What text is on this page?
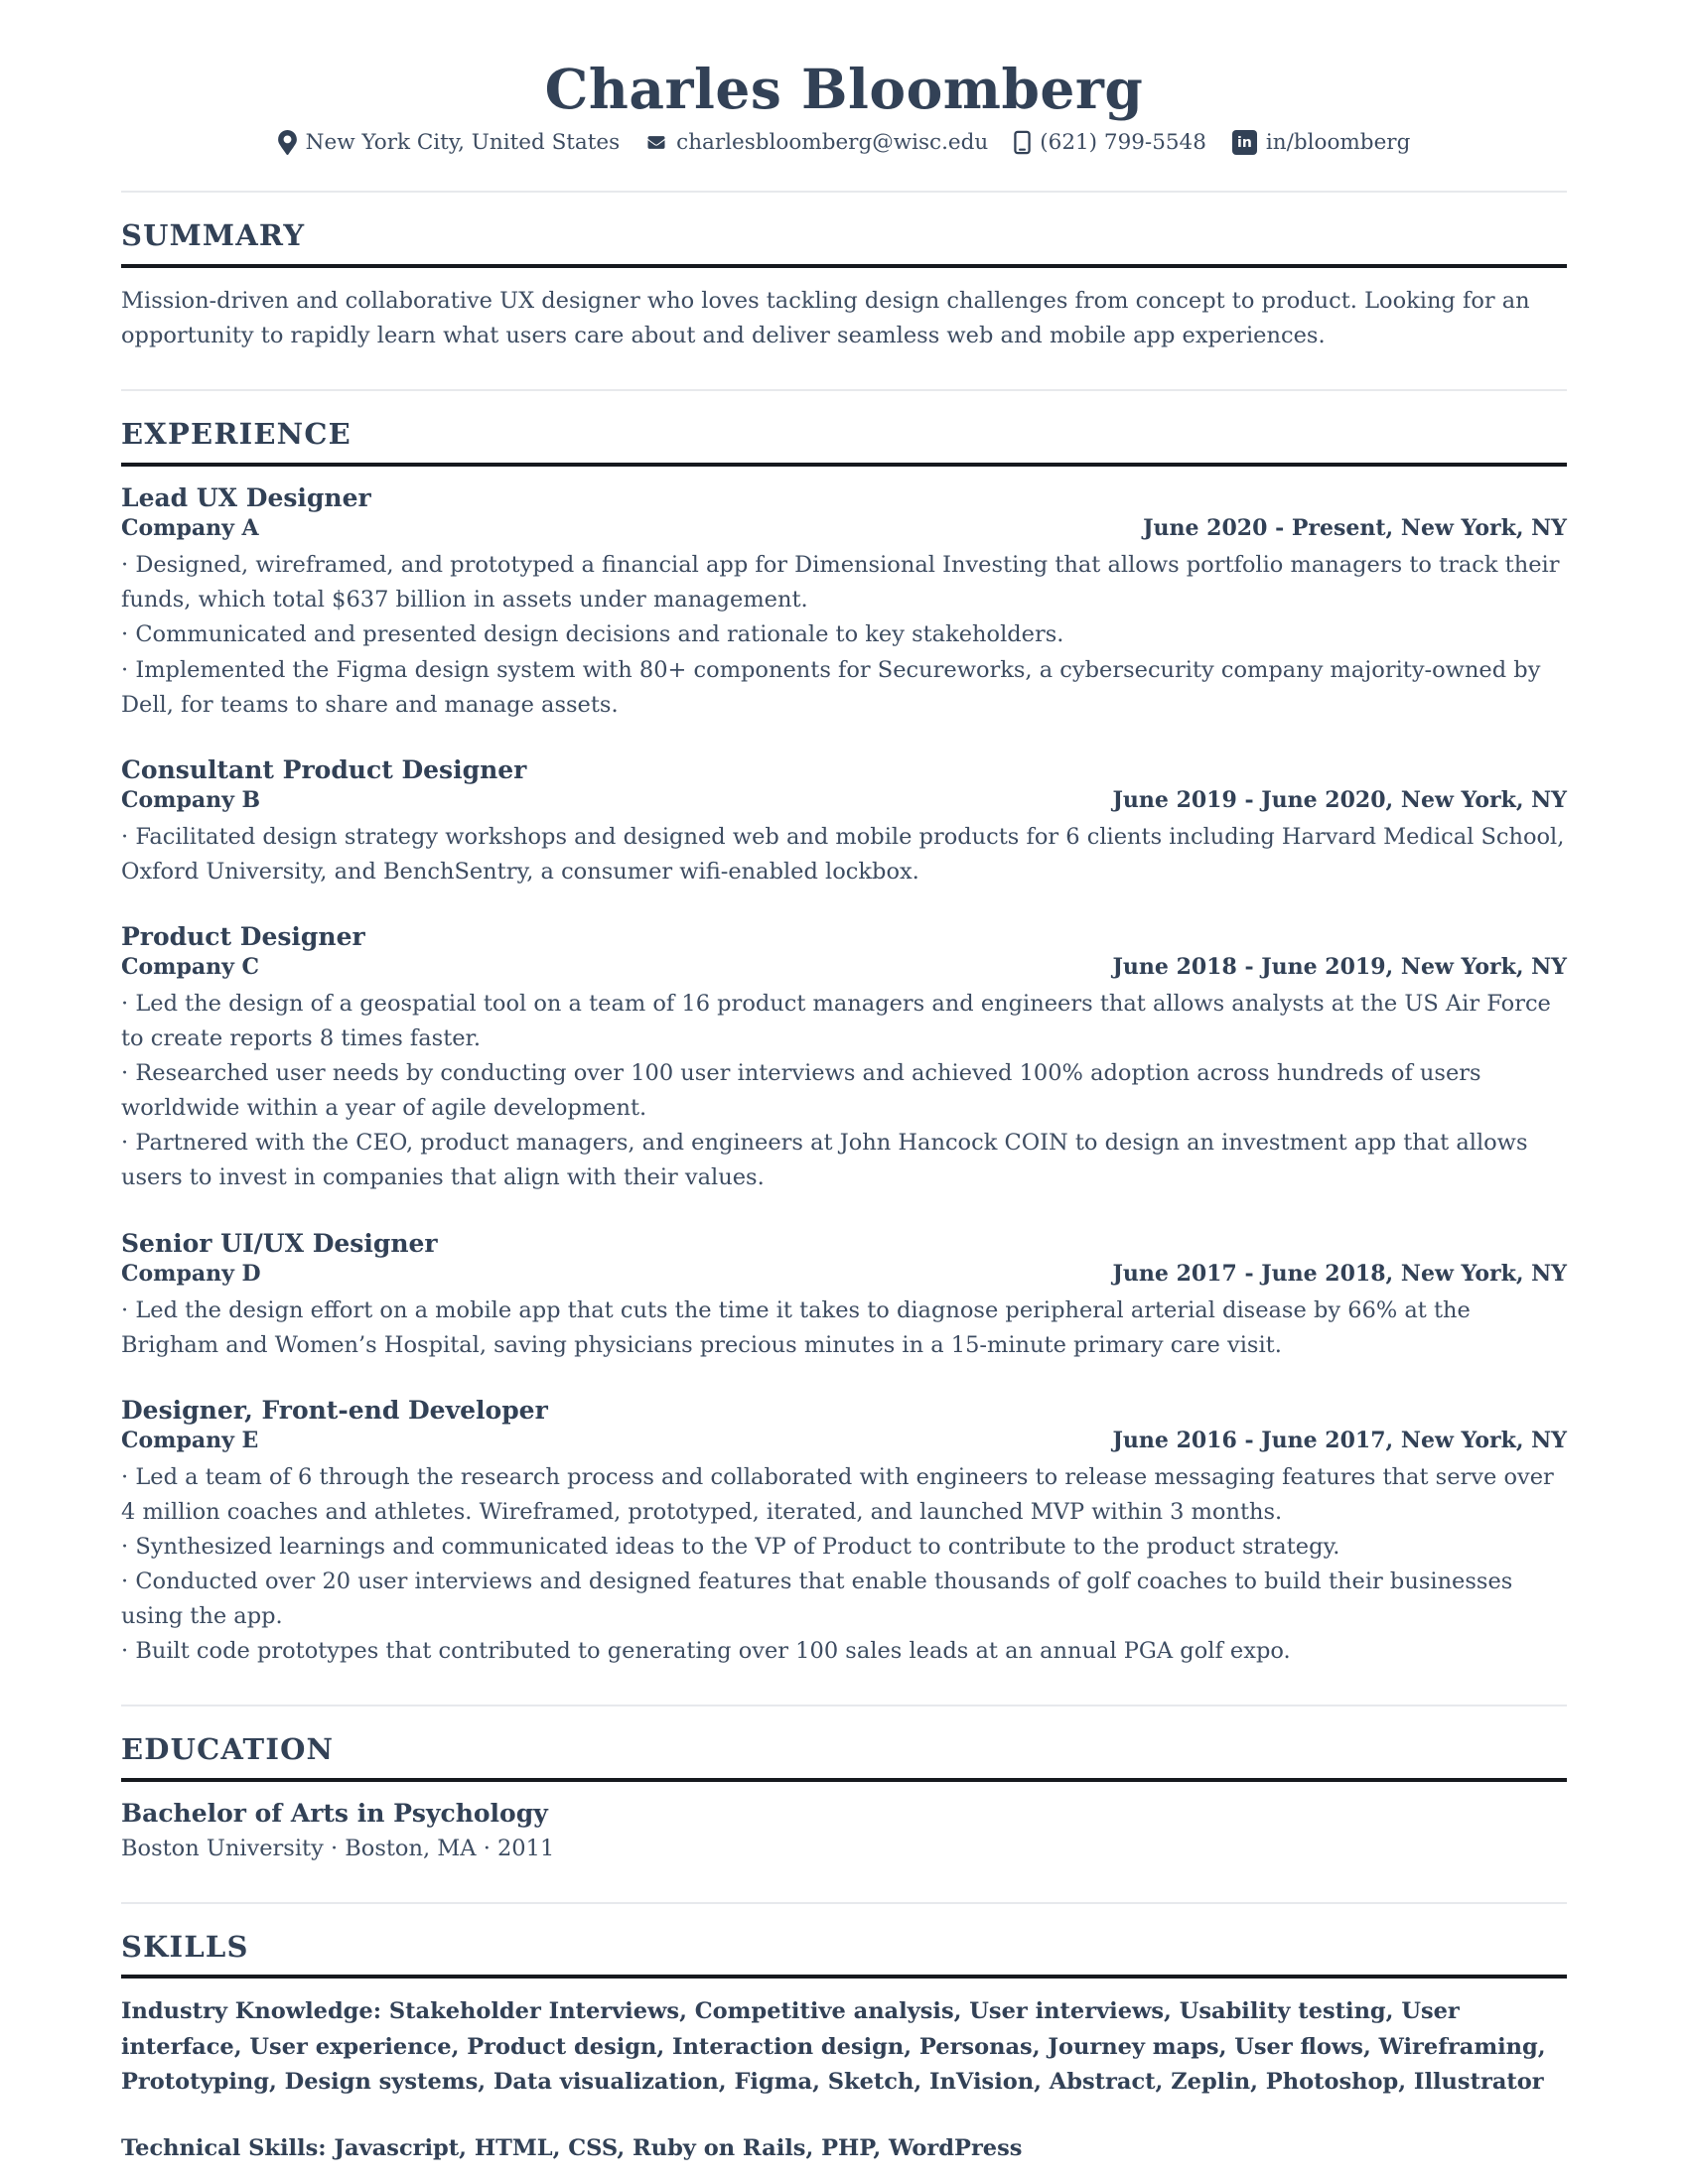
Charles Bloomberg
New York City, United States	charlesbloomberg@wisc.edu (621) 799-5548	in in/bloomberg
SUMMARY

Mission-driven and collaborative UX designer who loves tackling design challenges from concept to product. Looking for an opportunity to rapidly learn what users care about and deliver seamless web and mobile app experiences.

EXPERIENCE

Lead UX Designer

Company A	June 2020 - Present, New York, NY

· Designed, wireframed, and prototyped a financial app for Dimensional Investing that allows portfolio managers to track their funds, which total $637 billion in assets under management.

· Communicated and presented design decisions and rationale to key stakeholders.

· Implemented the Figma design system with 80+ components for Secureworks, a cybersecurity company majority-owned by Dell, for teams to share and manage assets.

Consultant Product Designer

Company B	June 2019 - June 2020, New York, NY

· Facilitated design strategy workshops and designed web and mobile products for 6 clients including Harvard Medical School, Oxford University, and BenchSentry, a consumer wifi-enabled lockbox.

Product Designer

Company C	June 2018 - June 2019, New York, NY

· Led the design of a geospatial tool on a team of 16 product managers and engineers that allows analysts at the US Air Force to create reports 8 times faster.

· Researched user needs by conducting over 100 user interviews and achieved 100% adoption across hundreds of users worldwide within a year of agile development.

· Partnered with the CEO, product managers, and engineers at John Hancock COIN to design an investment app that allows users to invest in companies that align with their values.

Senior UI/UX Designer

Company D	June 2017 - June 2018, New York, NY

· Led the design effort on a mobile app that cuts the time it takes to diagnose peripheral arterial disease by 66% at the Brigham and Women’s Hospital, saving physicians precious minutes in a 15-minute primary care visit.

Designer, Front-end Developer

Company E	June 2016 - June 2017, New York, NY

· Led a team of 6 through the research process and collaborated with engineers to release messaging features that serve over 4 million coaches and athletes. Wireframed, prototyped, iterated, and launched MVP within 3 months.

· Synthesized learnings and communicated ideas to the VP of Product to contribute to the product strategy.

· Conducted over 20 user interviews and designed features that enable thousands of golf coaches to build their businesses using the app.

· Built code prototypes that contributed to generating over 100 sales leads at an annual PGA golf expo.

EDUCATION

Bachelor of Arts in Psychology

Boston University · Boston, MA · 2011

SKILLS

Industry Knowledge: Stakeholder Interviews, Competitive analysis, User interviews, Usability testing, User interface, User experience, Product design, Interaction design, Personas, Journey maps, User flows, Wireframing, Prototyping, Design systems, Data visualization, Figma, Sketch, InVision, Abstract, Zeplin, Photoshop, Illustrator

Technical Skills: Javascript, HTML, CSS, Ruby on Rails, PHP, WordPress
